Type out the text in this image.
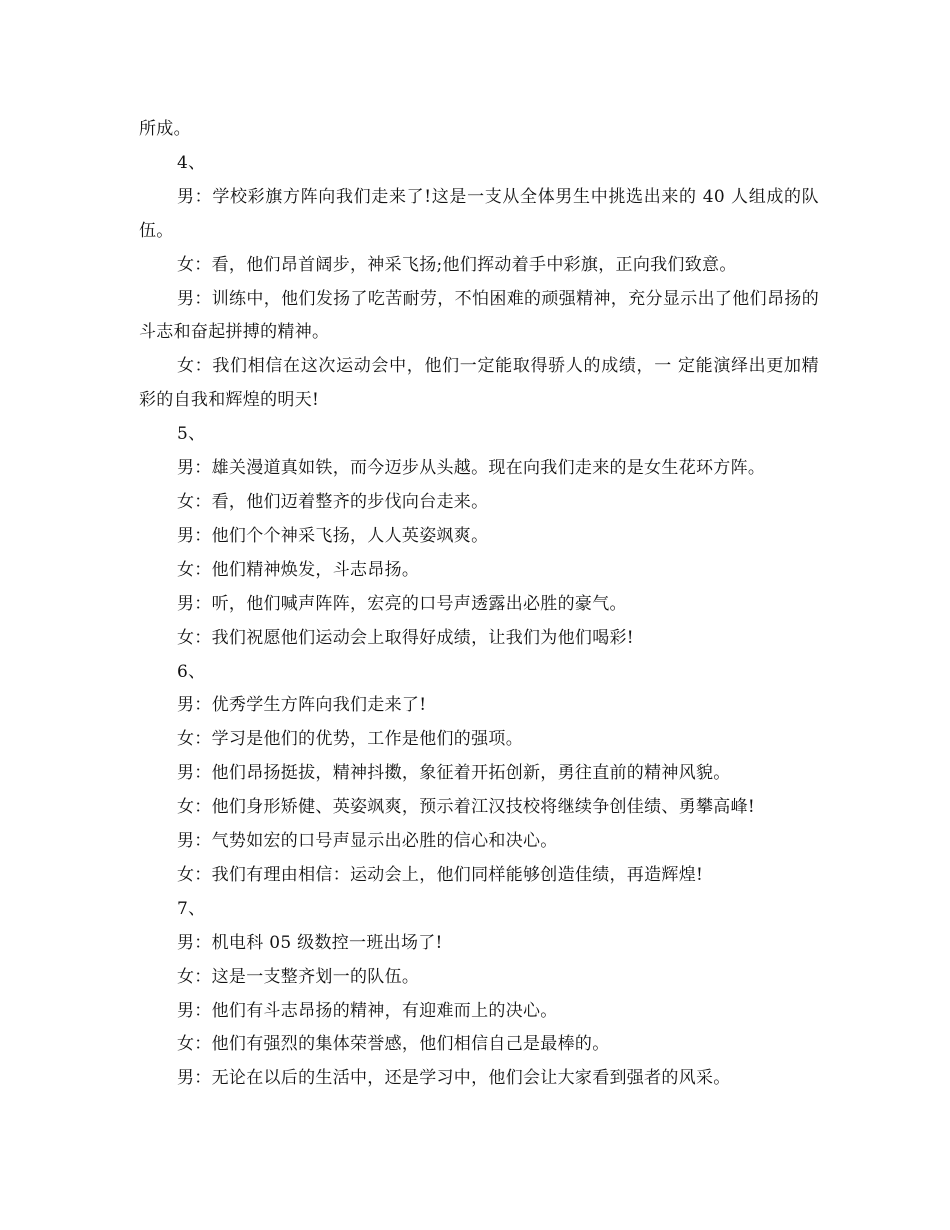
所成。

4、

男：学校彩旗方阵向我们走来了!这是一支从全体男生中挑选出来的 40 人组成的队伍。

女：看，他们昂首阔步，神采飞扬;他们挥动着手中彩旗，正向我们致意。

男：训练中，他们发扬了吃苦耐劳，不怕困难的顽强精神，充分显示出了他们昂扬的斗志和奋起拼搏的精神。

女：我们相信在这次运动会中，他们一定能取得骄人的成绩，一 定能演绎出更加精彩的自我和辉煌的明天!

5、

男：雄关漫道真如铁，而今迈步从头越。现在向我们走来的是女生花环方阵。

女：看，他们迈着整齐的步伐向台走来。

男：他们个个神采飞扬，人人英姿飒爽。

女：他们精神焕发，斗志昂扬。

男：听，他们喊声阵阵，宏亮的口号声透露出必胜的豪气。

女：我们祝愿他们运动会上取得好成绩，让我们为他们喝彩!

6、

男：优秀学生方阵向我们走来了!

女：学习是他们的优势，工作是他们的强项。

男：他们昂扬挺拔，精神抖擞，象征着开拓创新，勇往直前的精神风貌。

女：他们身形矫健、英姿飒爽，预示着江汉技校将继续争创佳绩、勇攀高峰!

男：气势如宏的口号声显示出必胜的信心和决心。

女：我们有理由相信：运动会上，他们同样能够创造佳绩，再造辉煌!

7、

男：机电科 05 级数控一班出场了!

女：这是一支整齐划一的队伍。

男：他们有斗志昂扬的精神，有迎难而上的决心。

女：他们有强烈的集体荣誉感，他们相信自己是最棒的。

男：无论在以后的生活中，还是学习中，他们会让大家看到强者的风采。
